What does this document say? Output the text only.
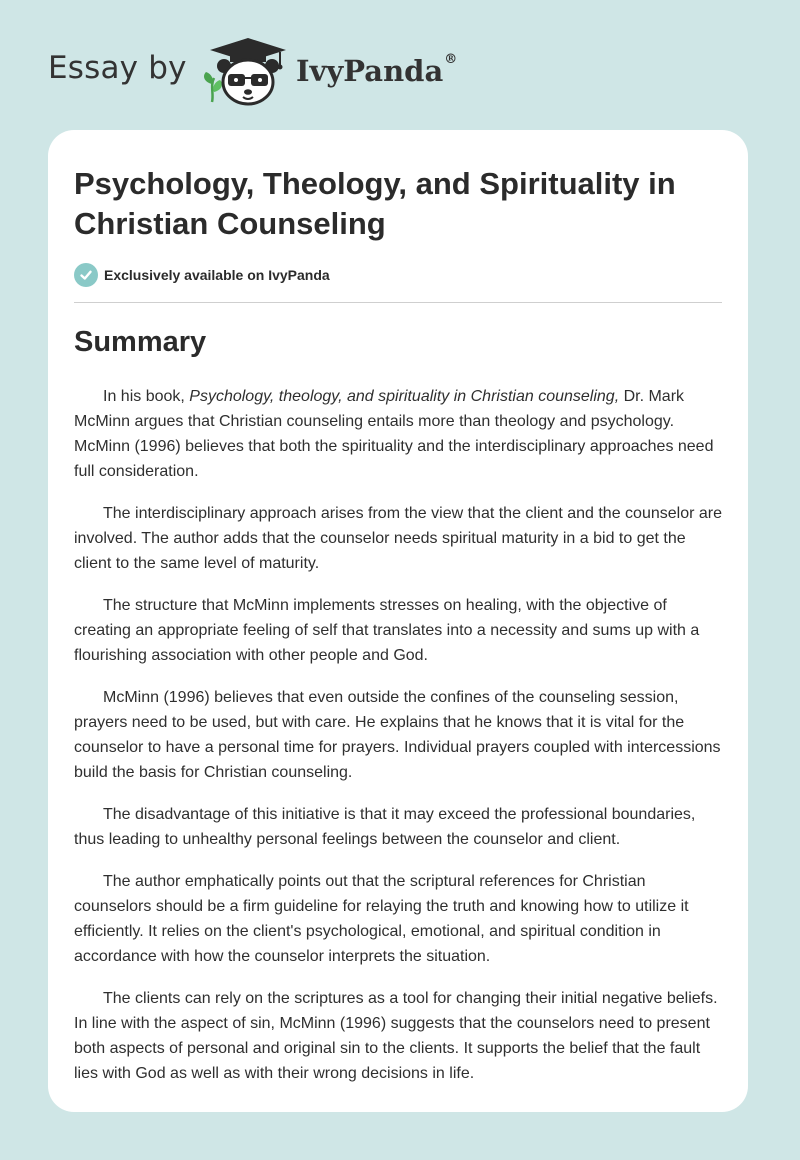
Essay by	IvyPanda®
Psychology, Theology, and Spirituality in Christian Counseling
Exclusively available on IvyPanda
Summary

In his book, Psychology, theology, and spirituality in Christian counseling, Dr. Mark McMinn argues that Christian counseling entails more than theology and psychology. McMinn (1996) believes that both the spirituality and the interdisciplinary approaches need full consideration.

The interdisciplinary approach arises from the view that the client and the counselor are involved. The author adds that the counselor needs spiritual maturity in a bid to get the client to the same level of maturity.

The structure that McMinn implements stresses on healing, with the objective of creating an appropriate feeling of self that translates into a necessity and sums up with a flourishing association with other people and God.

McMinn (1996) believes that even outside the confines of the counseling session, prayers need to be used, but with care. He explains that he knows that it is vital for the counselor to have a personal time for prayers. Individual prayers coupled with intercessions build the basis for Christian counseling.

The disadvantage of this initiative is that it may exceed the professional boundaries, thus leading to unhealthy personal feelings between the counselor and client.

The author emphatically points out that the scriptural references for Christian counselors should be a firm guideline for relaying the truth and knowing how to utilize it efficiently. It relies on the client's psychological, emotional, and spiritual condition in accordance with how the counselor interprets the situation.

The clients can rely on the scriptures as a tool for changing their initial negative beliefs. In line with the aspect of sin, McMinn (1996) suggests that the counselors need to present both aspects of personal and original sin to the clients. It supports the belief that the fault lies with God as well as with their wrong decisions in life.
